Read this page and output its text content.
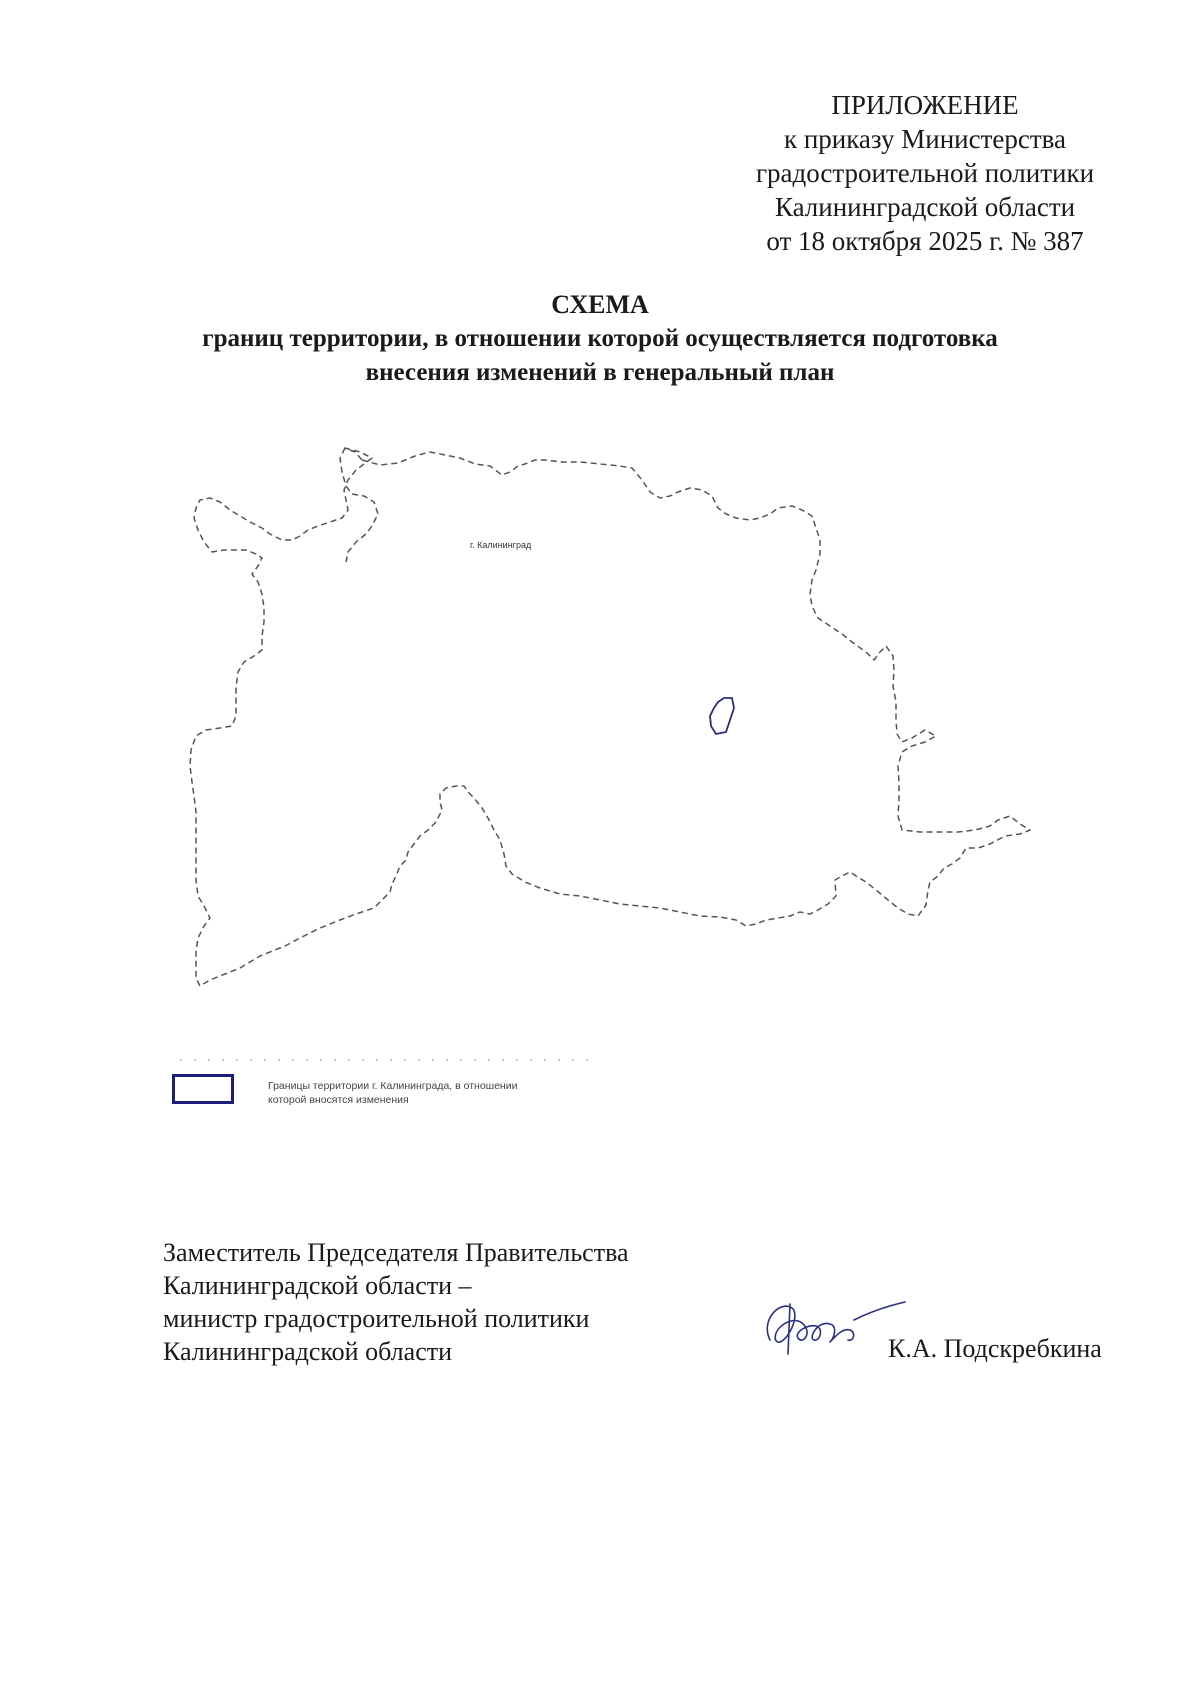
ПРИЛОЖЕНИЕ
к приказу Министерства
градостроительной политики
Калининградской области
от 18 октября 2025 г. № 387
СХЕМА
границ территории, в отношении которой осуществляется подготовка
внесения изменений в генеральный план
г. Калининград
Границы территории г. Калининграда, в отношении
которой вносятся изменения
Заместитель Председателя Правительства
Калининградской области –
министр градостроительной политики
Калининградской области	К.А. Подскребкина
